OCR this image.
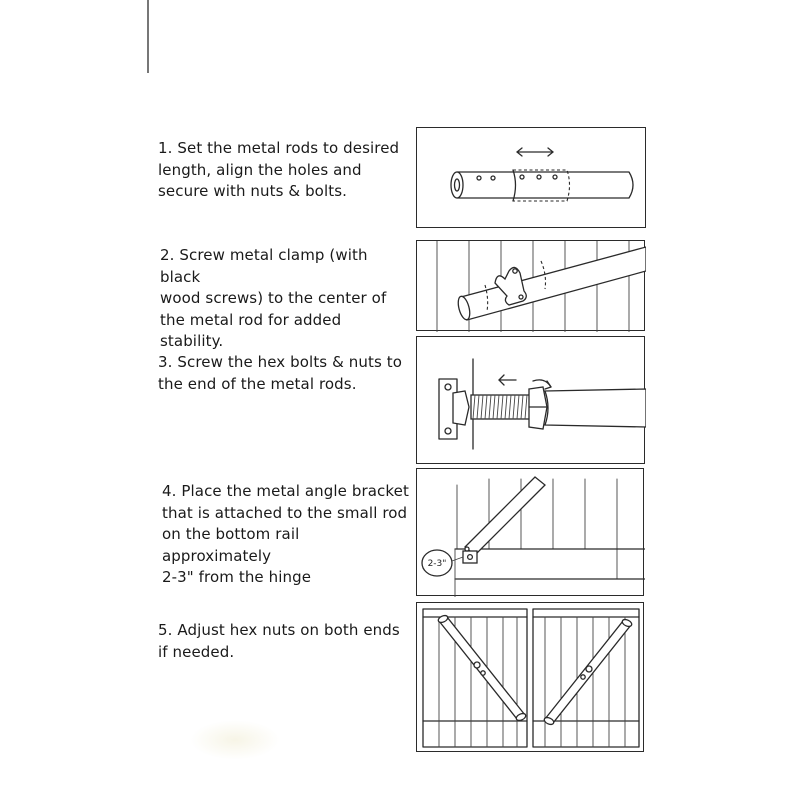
1. Set the metal rods to desired
length, align the holes and
secure with nuts & bolts.
2. Screw metal clamp (with black
wood screws) to the center of
the metal rod for added
stability.
3. Screw the hex bolts & nuts to
the end of the metal rods.
4. Place the metal angle bracket
that is attached to the small rod
on the bottom rail approximately
2-3" from the hinge
5. Adjust hex nuts on both ends
if needed.
2-3"
